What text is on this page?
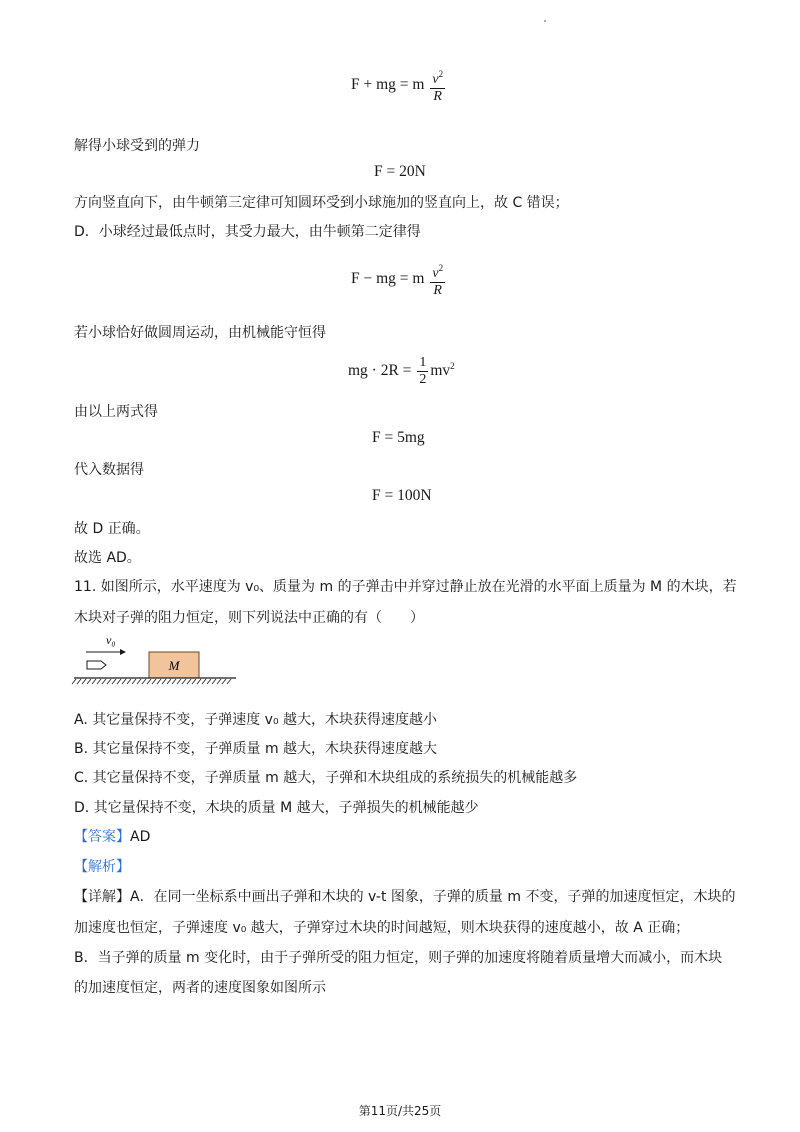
F + mg = m $\frac{v^2}{R}$
解得小球受到的弹力
F = 20N
方向竖直向下，由牛顿第三定律可知圆环受到小球施加的竖直向上，故 C 错误；
D．小球经过最低点时，其受力最大，由牛顿第二定律得
F − mg = m $\frac{v^2}{R}$
若小球恰好做圆周运动，由机械能守恒得
mg · $2R = \frac{1}{2} mv^2$
由以上两式得
F = 5mg
代入数据得
F = 100N
故 D 正确。
故选 AD。
11. 如图所示，水平速度为 v₀、质量为 m 的子弹击中并穿过静止放在光滑的水平面上质量为 M 的木块，若
木块对子弹的阻力恒定，则下列说法中正确的有（　　）
v₀
M
A. 其它量保持不变，子弹速度 v₀ 越大，木块获得速度越小
B. 其它量保持不变，子弹质量 m 越大，木块获得速度越大
C. 其它量保持不变，子弹质量 m 越大，子弹和木块组成的系统损失的机械能越多
D. 其它量保持不变，木块的质量 M 越大，子弹损失的机械能越少
【答案】AD
【解析】
【详解】A．在同一坐标系中画出子弹和木块的 v-t 图象，子弹的质量 m 不变，子弹的加速度恒定，木块的
加速度也恒定，子弹速度 v₀ 越大，子弹穿过木块的时间越短，则木块获得的速度越小，故 A 正确；
B．当子弹的质量 m 变化时，由于子弹所受的阻力恒定，则子弹的加速度将随着质量增大而减小，而木块
的加速度恒定，两者的速度图象如图所示
第11页/共25页
